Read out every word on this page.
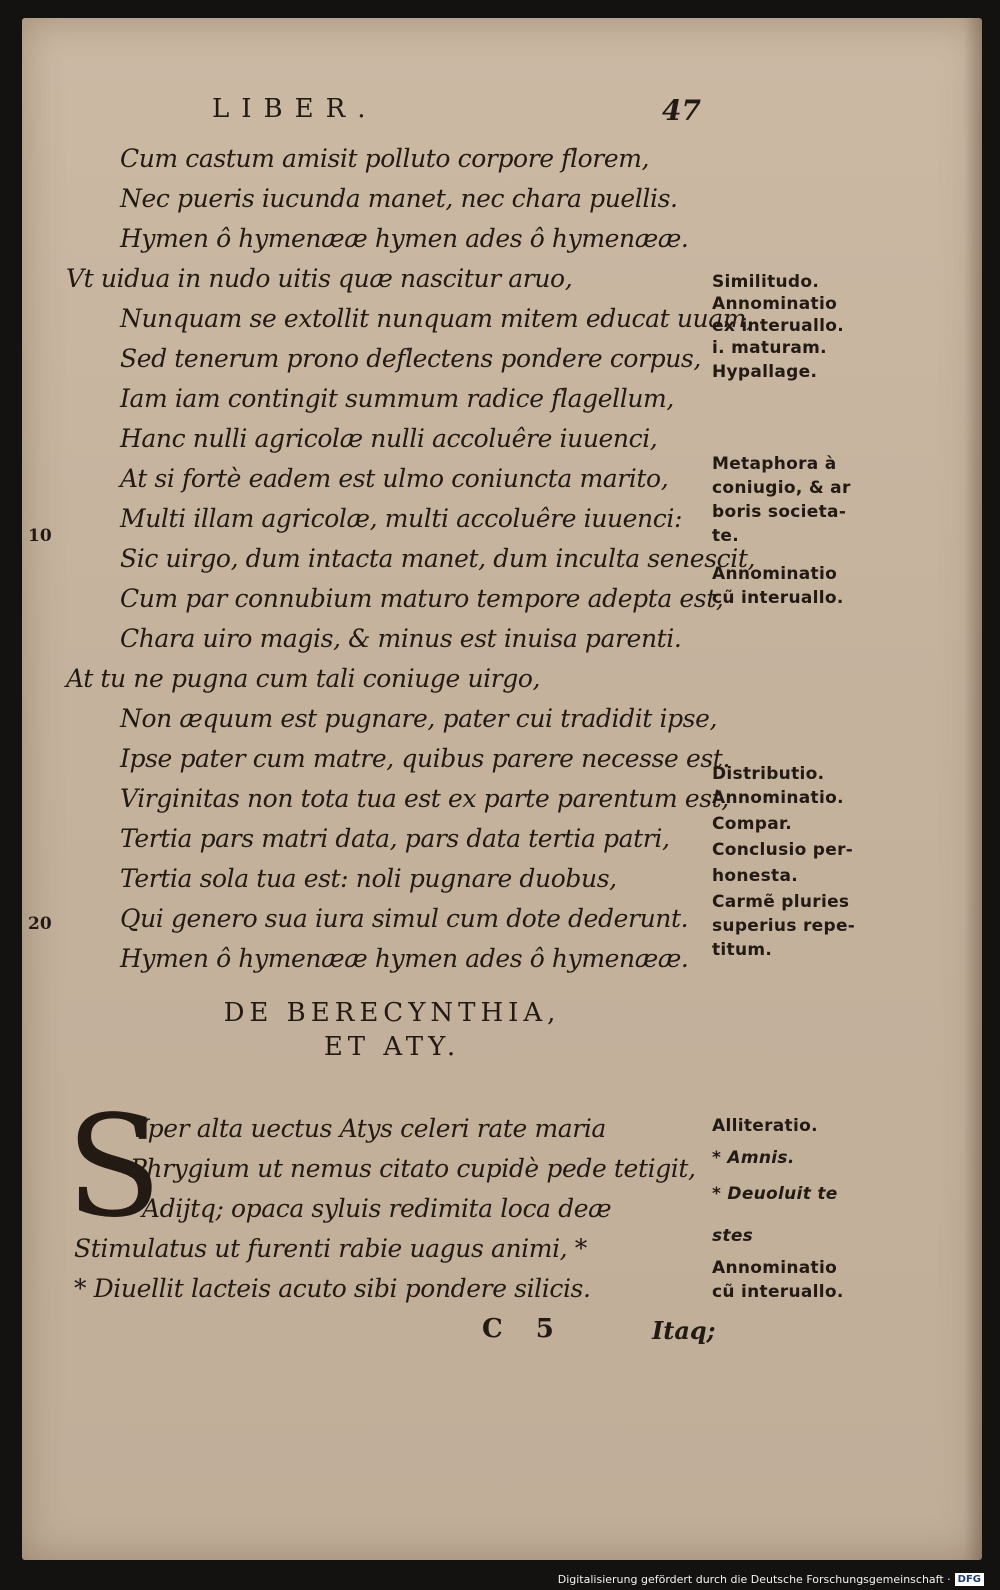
LIBER.	47
Cum castum amisit polluto corpore florem,
Nec pueris iucunda manet, nec chara puellis.
Hymen ô hymenææ hymen ades ô hymenææ.
Vt uidua in nudo uitis quæ nascitur aruo,
Nunquam se extollit nunquam mitem educat uuam,
Sed tenerum prono deflectens pondere corpus,
Iam iam contingit summum radice flagellum,
Hanc nulli agricolæ nulli accoluêre iuuenci,
At si fortè eadem est ulmo coniuncta marito,
Multi illam agricolæ, multi accoluêre iuuenci:
Sic uirgo, dum intacta manet, dum inculta senescit,
Cum par connubium maturo tempore adepta est,
Chara uiro magis, & minus est inuisa parenti.
At tu ne pugna cum tali coniuge uirgo,
Non æquum est pugnare, pater cui tradidit ipse,
Ipse pater cum matre, quibus parere necesse est.
Virginitas non tota tua est ex parte parentum est,
Tertia pars matri data, pars data tertia patri,
Tertia sola tua est: noli pugnare duobus,
Qui genero sua iura simul cum dote dederunt.
Hymen ô hymenææ hymen ades ô hymenææ.
10
20
Similitudo.
Annominatio
ex interuallo.
i. maturam.
Hypallage.
Metaphora à
coniugio, & ar
boris societa-
te.
Annominatio
cũ interuallo.
Distributio.
Annominatio.
Compar.
Conclusio per-
honesta.
Carmẽ pluries
superius repe-
titum.
DE BERECYNTHIA,
ET ATY.
S
Vper alta uectus Atys celeri rate maria
Phrygium ut nemus citato cupidè pede tetigit,
Adijtq; opaca syluis redimita loca deæ
Stimulatus ut furenti rabie uagus animi, *
* Diuellit lacteis acuto sibi pondere silicis.
Alliteratio.
* Amnis.
* Deuoluit te
stes
Annominatio
cũ interuallo.
C 5	Itaq;
Digitalisierung gefördert durch die Deutsche Forschungsgemeinschaft · DFG
